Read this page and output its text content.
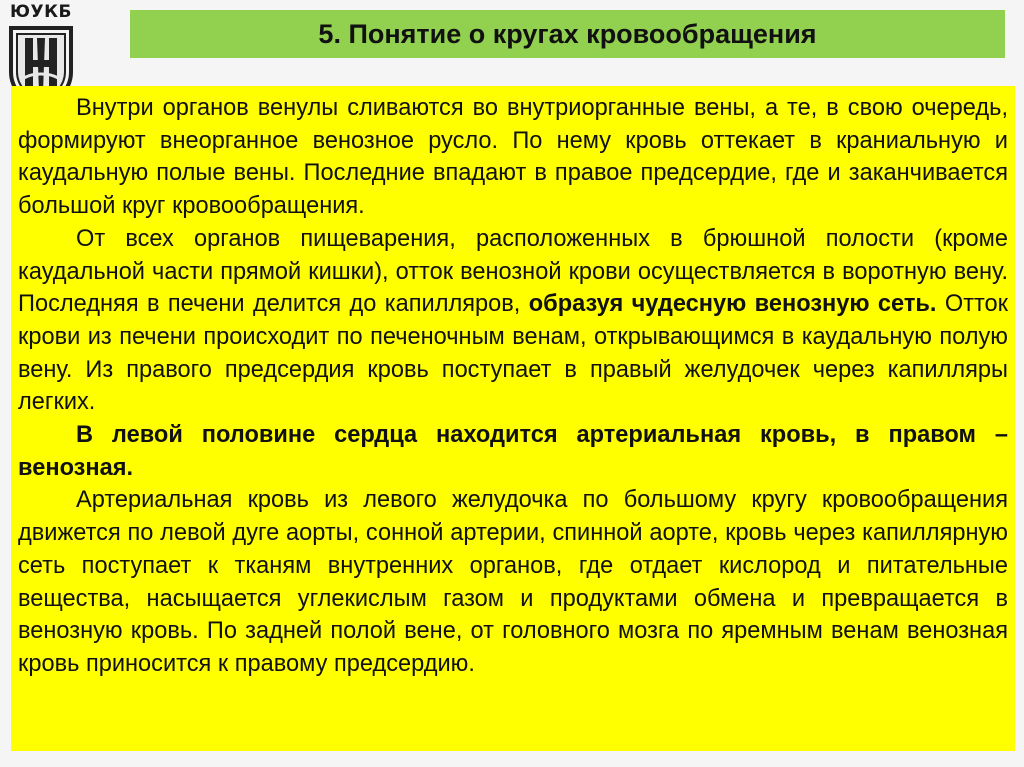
ЮУКБ
5. Понятие о кругах кровообращения

Внутри органов венулы сливаются во внутриорганные вены, а те, в свою очередь, формируют внеорганное венозное русло. По нему кровь оттекает в краниальную и каудальную полые вены. Последние впадают в правое предсердие, где и заканчивается большой круг кровообращения.

От всех органов пищеварения, расположенных в брюшной полости (кроме каудальной части прямой кишки), отток венозной крови осуществляется в воротную вену. Последняя в печени делится до капилляров, образуя чудесную венозную сеть. Отток крови из печени происходит по печеночным венам, открывающимся в каудальную полую вену. Из правого предсердия кровь поступает в правый желудочек через капилляры легких.

В левой половине сердца находится артериальная кровь, в правом – венозная.

Артериальная кровь из левого желудочка по большому кругу кровообращения движется по левой дуге аорты, сонной артерии, спинной аорте, кровь через капиллярную сеть поступает к тканям внутренних органов, где отдает кислород и питательные вещества, насыщается углекислым газом и продуктами обмена и превращается в венозную кровь. По задней полой вене, от головного мозга по яремным венам венозная кровь приносится к правому предсердию.
